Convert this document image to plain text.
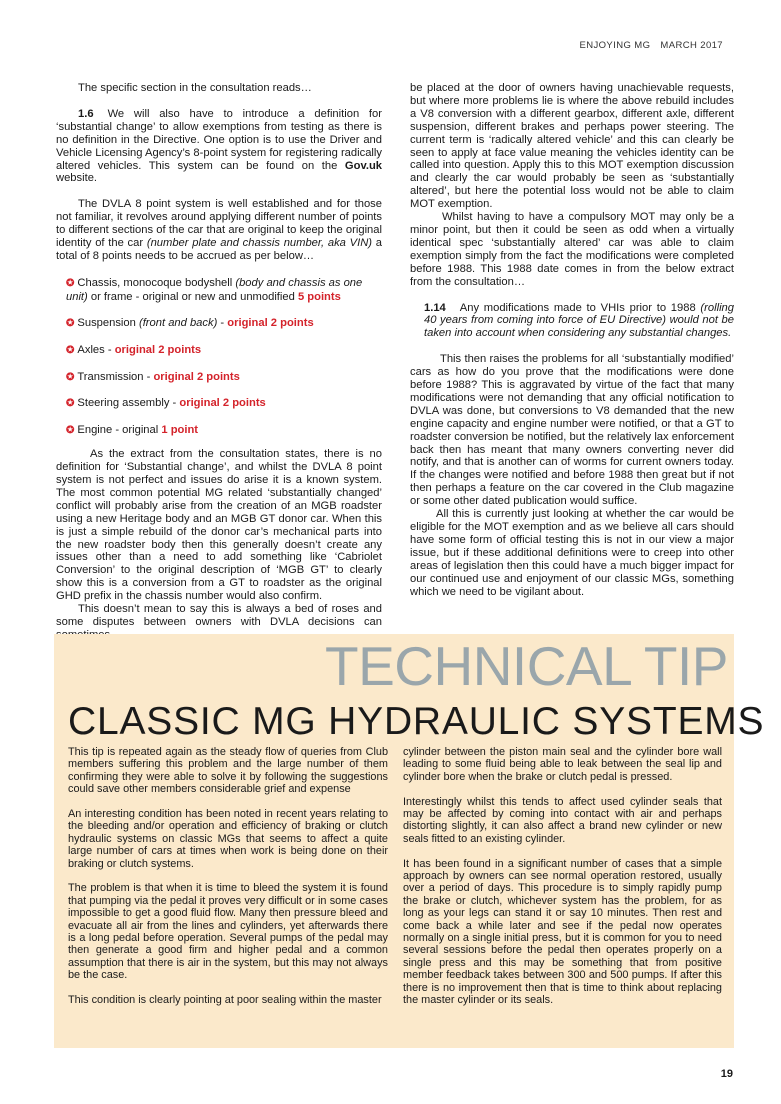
ENJOYING MG MARCH 2017

The specific section in the consultation reads…

1.6 We will also have to introduce a definition for ‘substantial change’ to allow exemptions from testing as there is no definition in the Directive. One option is to use the Driver and Vehicle Licensing Agency’s 8-point system for registering radically altered vehicles. This system can be found on the Gov.uk website.

The DVLA 8 point system is well established and for those not familiar, it revolves around applying different number of points to different sections of the car that are original to keep the original identity of the car (number plate and chassis number, aka VIN) a total of 8 points needs to be accrued as per below…

✪ Chassis, monocoque bodyshell (body and chassis as one unit) or frame - original or new and unmodified 5 points

✪ Suspension (front and back) - original 2 points

✪ Axles - original 2 points

✪ Transmission - original 2 points

✪ Steering assembly - original 2 points

✪ Engine - original 1 point

As the extract from the consultation states, there is no definition for ‘Substantial change’, and whilst the DVLA 8 point system is not perfect and issues do arise it is a known system. The most common potential MG related ‘substantially changed’ conflict will probably arise from the creation of an MGB roadster using a new Heritage body and an MGB GT donor car. When this is just a simple rebuild of the donor car’s mechanical parts into the new roadster body then this generally doesn’t create any issues other than a need to add something like ‘Cabriolet Conversion’ to the original description of ‘MGB GT’ to clearly show this is a conversion from a GT to roadster as the original GHD prefix in the chassis number would also confirm.

This doesn’t mean to say this is always a bed of roses and some disputes between owners with DVLA decisions can

be placed at the door of owners having unachievable requests, but where more problems lie is where the above rebuild includes a V8 conversion with a different gearbox, different axle, different suspension, different brakes and perhaps power steering. The current term is ‘radically altered vehicle’ and this can clearly be seen to apply at face value meaning the vehicles identity can be called into question. Apply this to this MOT exemption discussion and clearly the car would probably be seen as ‘substantially altered’, but here the potential loss would not be able to claim MOT exemption.

Whilst having to have a compulsory MOT may only be a minor point, but then it could be seen as odd when a virtually identical spec ‘substantially altered’ car was able to claim exemption simply from the fact the modifications were completed before 1988. This 1988 date comes in from the below extract from the consultation…

1.14 Any modifications made to VHIs prior to 1988 (rolling 40 years from coming into force of EU Directive) would not be taken into account when considering any substantial changes.

This then raises the problems for all ‘substantially modified’ cars as how do you prove that the modifications were done before 1988? This is aggravated by virtue of the fact that many modifications were not demanding that any official notification to DVLA was done, but conversions to V8 demanded that the new engine capacity and engine number were notified, or that a GT to roadster conversion be notified, but the relatively lax enforcement back then has meant that many owners converting never did notify, and that is another can of worms for current owners today. If the changes were notified and before 1988 then great but if not then perhaps a feature on the car covered in the Club magazine or some other dated publication would suffice.

All this is currently just looking at whether the car would be eligible for the MOT exemption and as we believe all cars should have some form of official testing this is not in our view a major issue, but if these additional definitions were to creep into other areas of legislation then this could have a much bigger impact for our continued use and enjoyment of our classic MGs, something which we need to be vigilant about.

TECHNICAL TIP
CLASSIC MG HYDRAULIC SYSTEMS

This tip is repeated again as the steady flow of queries from Club members suffering this problem and the large number of them confirming they were able to solve it by following the suggestions could save other members considerable grief and expense

An interesting condition has been noted in recent years relating to the bleeding and/or operation and efficiency of braking or clutch hydraulic systems on classic MGs that seems to affect a quite large number of cars at times when work is being done on their braking or clutch systems.

The problem is that when it is time to bleed the system it is found that pumping via the pedal it proves very difficult or in some cases impossible to get a good fluid flow. Many then pressure bleed and evacuate all air from the lines and cylinders, yet afterwards there is a long pedal before operation. Several pumps of the pedal may then generate a good firm and higher pedal and a common assumption that there is air in the system, but this may not always be the case.

This condition is clearly pointing at poor sealing within the master

cylinder between the piston main seal and the cylinder bore wall leading to some fluid being able to leak between the seal lip and cylinder bore when the brake or clutch pedal is pressed.

Interestingly whilst this tends to affect used cylinder seals that may be affected by coming into contact with air and perhaps distorting slightly, it can also affect a brand new cylinder or new seals fitted to an existing cylinder.

It has been found in a significant number of cases that a simple approach by owners can see normal operation restored, usually over a period of days. This procedure is to simply rapidly pump the brake or clutch, whichever system has the problem, for as long as your legs can stand it or say 10 minutes. Then rest and come back a while later and see if the pedal now operates normally on a single initial press, but it is common for you to need several sessions before the pedal then operates properly on a single press and this may be something that from positive member feedback takes between 300 and 500 pumps. If after this there is no improvement then that is time to think about replacing the master cylinder or its seals.

19
